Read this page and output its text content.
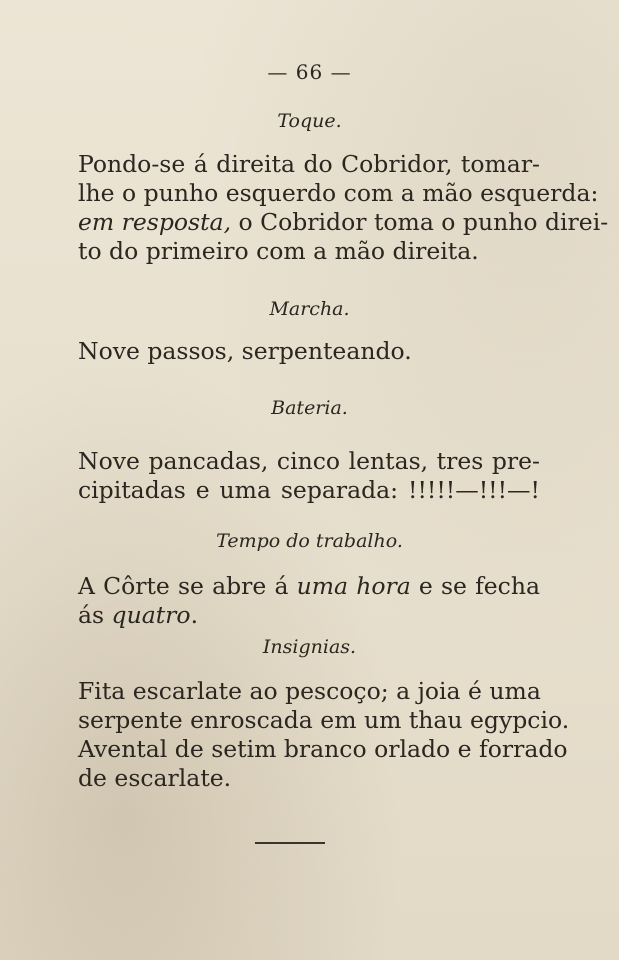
— 66 —
Toque.
Pondo-se á direita do Cobridor, tomar-
lhe o punho esquerdo com a mão esquerda:
em resposta, o Cobridor toma o punho direi-
to do primeiro com a mão direita.
Marcha.
Nove passos, serpenteando.
Bateria.
Nove pancadas, cinco lentas, tres pre-
cipitadas e uma separada: !!!!!—!!!—!
Tempo do trabalho.
A Côrte se abre á uma hora e se fecha
ás quatro.
Insignias.
Fita escarlate ao pescoço; a joia é uma
serpente enroscada em um thau egypcio.
Avental de setim branco orlado e forrado
de escarlate.
